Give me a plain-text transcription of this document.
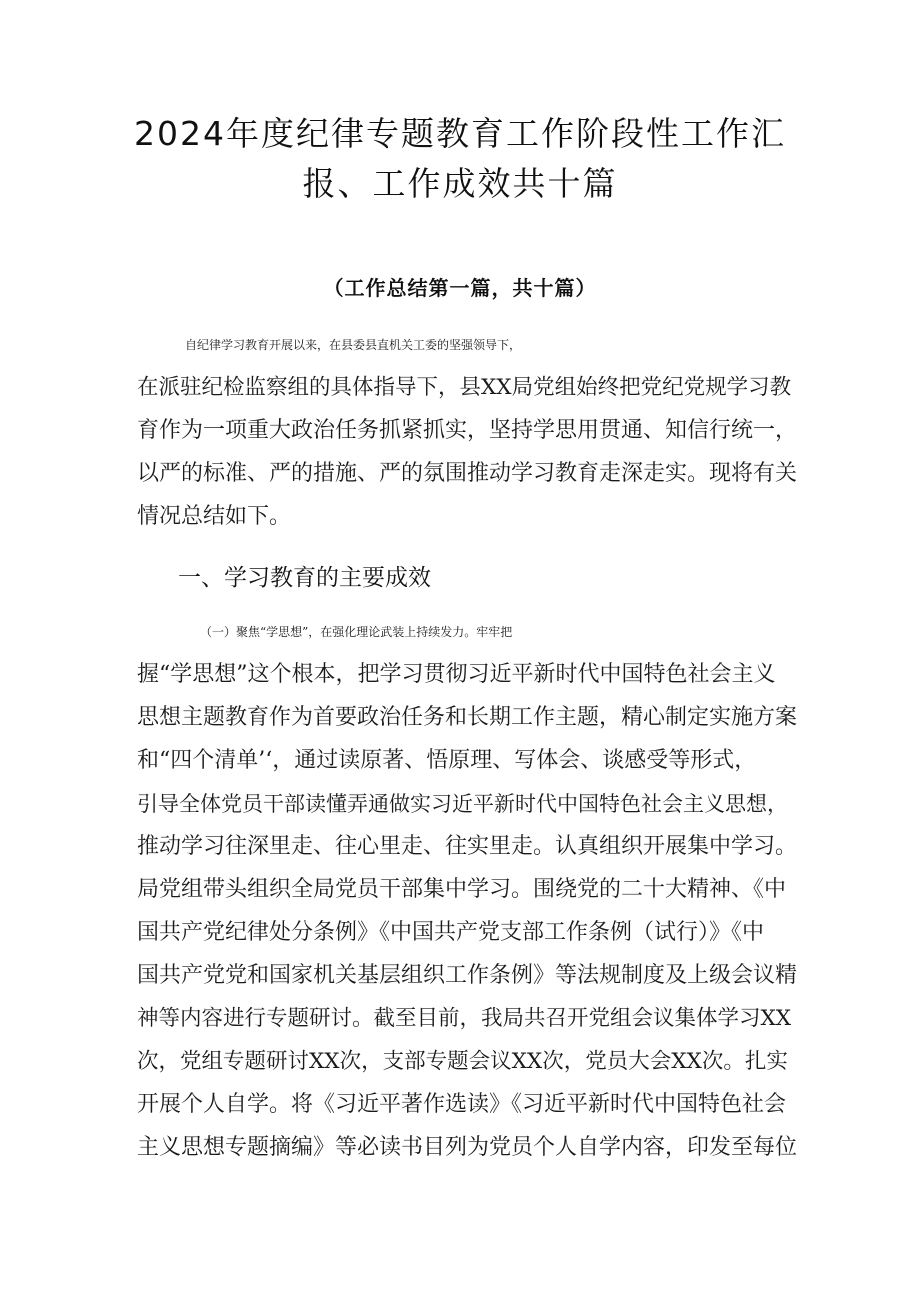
2024年度纪律专题教育工作阶段性工作汇
报、工作成效共十篇
（工作总结第一篇，共十篇）
自纪律学习教育开展以来，在县委县直机关工委的坚强领导下，
在派驻纪检监察组的具体指导下，县XX局党组始终把党纪党规学习教
育作为一项重大政治任务抓紧抓实，坚持学思用贯通、知信行统一，
以严的标准、严的措施、严的氛围推动学习教育走深走实。现将有关
情况总结如下。
一、学习教育的主要成效
（一）聚焦“学思想”，在强化理论武装上持续发力。牢牢把
握“学思想”这个根本，把学习贯彻习近平新时代中国特色社会主义
思想主题教育作为首要政治任务和长期工作主题，精心制定实施方案
和“四个清单’‘，通过读原著、悟原理、写体会、谈感受等形式，
引导全体党员干部读懂弄通做实习近平新时代中国特色社会主义思想，
推动学习往深里走、往心里走、往实里走。认真组织开展集中学习。
局党组带头组织全局党员干部集中学习。围绕党的二十大精神、《中
国共产党纪律处分条例》《中国共产党支部工作条例（试行）》《中
国共产党党和国家机关基层组织工作条例》等法规制度及上级会议精
神等内容进行专题研讨。截至目前，我局共召开党组会议集体学习XX
次，党组专题研讨XX次，支部专题会议XX次，党员大会XX次。扎实
开展个人自学。将《习近平著作选读》《习近平新时代中国特色社会
主义思想专题摘编》等必读书目列为党员个人自学内容，印发至每位
